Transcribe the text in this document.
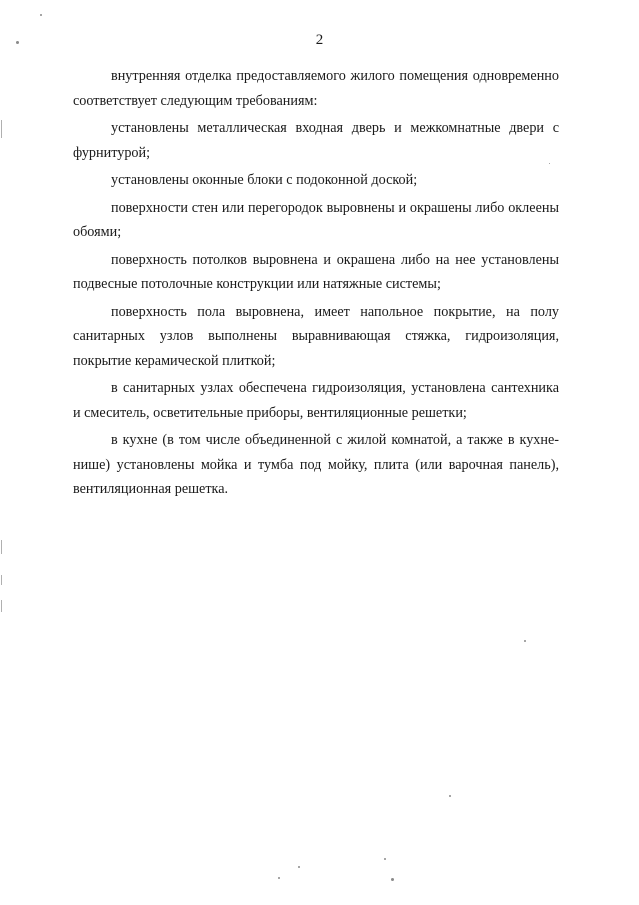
2

внутренняя отделка предоставляемого жилого помещения одновременно соответствует следующим требованиям:

установлены металлическая входная дверь и межкомнатные двери с фурнитурой;

установлены оконные блоки с подоконной доской;

поверхности стен или перегородок выровнены и окрашены либо оклеены обоями;

поверхность потолков выровнена и окрашена либо на нее установлены подвесные потолочные конструкции или натяжные системы;

поверхность пола выровнена, имеет напольное покрытие, на полу санитарных узлов выполнены выравнивающая стяжка, гидроизоляция, покрытие керамической плиткой;

в санитарных узлах обеспечена гидроизоляция, установлена сантехника и смеситель, осветительные приборы, вентиляционные решетки;

в кухне (в том числе объединенной с жилой комнатой, а также в кухне-нише) установлены мойка и тумба под мойку, плита (или варочная панель), вентиляционная решетка.
